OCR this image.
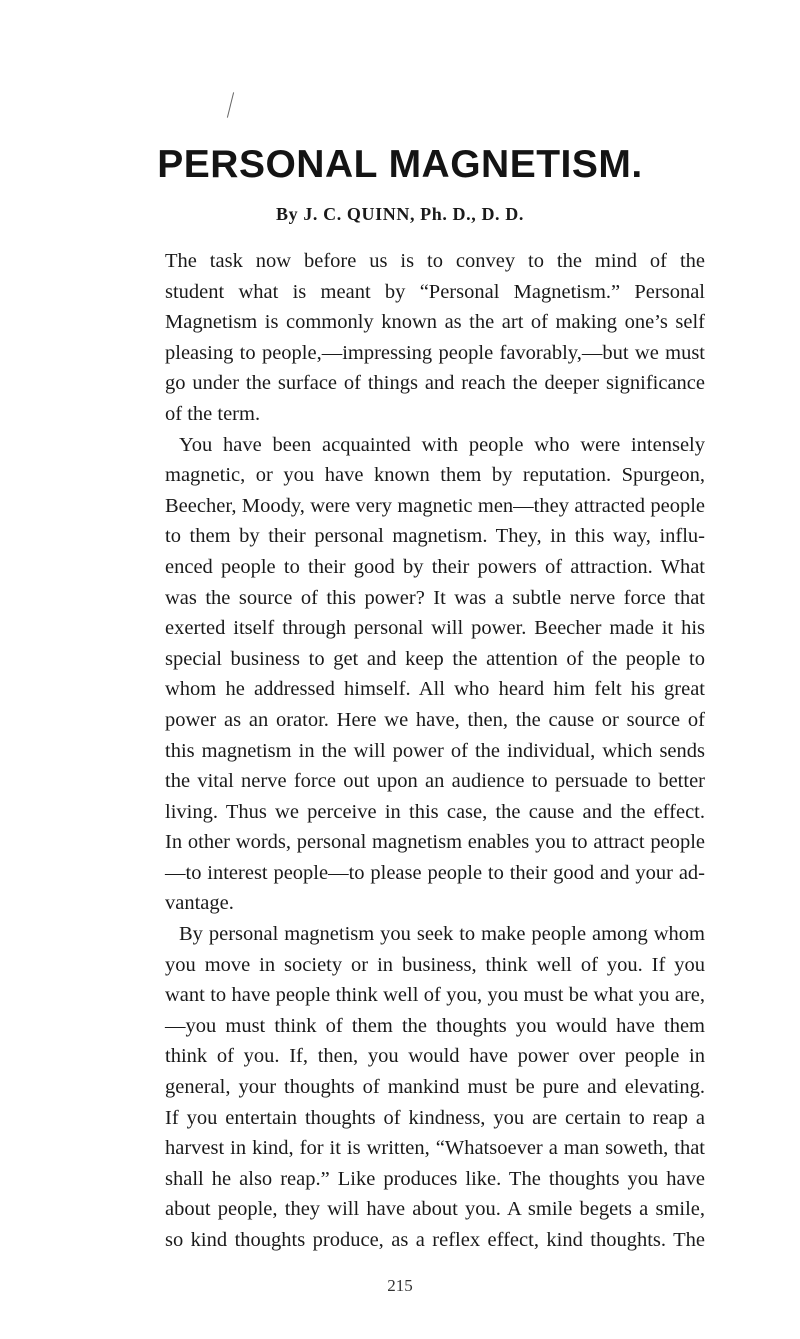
PERSONAL MAGNETISM.

By J. C. QUINN, Ph. D., D. D.

The task now before us is to convey to the mind of the
student what is meant by “Personal Magnetism.” Personal
Magnetism is commonly known as the art of making one’s self
pleasing to people,—impressing people favorably,—but we must
go under the surface of things and reach the deeper significance
of the term.
You have been acquainted with people who were intensely
magnetic, or you have known them by reputation. Spurgeon,
Beecher, Moody, were very magnetic men—they attracted people
to them by their personal magnetism. They, in this way, influ-
enced people to their good by their powers of attraction. What
was the source of this power? It was a subtle nerve force that
exerted itself through personal will power. Beecher made it his
special business to get and keep the attention of the people to
whom he addressed himself. All who heard him felt his great
power as an orator. Here we have, then, the cause or source of
this magnetism in the will power of the individual, which sends
the vital nerve force out upon an audience to persuade to better
living. Thus we perceive in this case, the cause and the effect.
In other words, personal magnetism enables you to attract people
—to interest people—to please people to their good and your ad-
vantage.
By personal magnetism you seek to make people among whom
you move in society or in business, think well of you. If you
want to have people think well of you, you must be what you are,
—you must think of them the thoughts you would have them
think of you. If, then, you would have power over people in
general, your thoughts of mankind must be pure and elevating.
If you entertain thoughts of kindness, you are certain to reap a
harvest in kind, for it is written, “Whatsoever a man soweth, that
shall he also reap.” Like produces like. The thoughts you have
about people, they will have about you. A smile begets a smile,
so kind thoughts produce, as a reflex effect, kind thoughts. The
215
